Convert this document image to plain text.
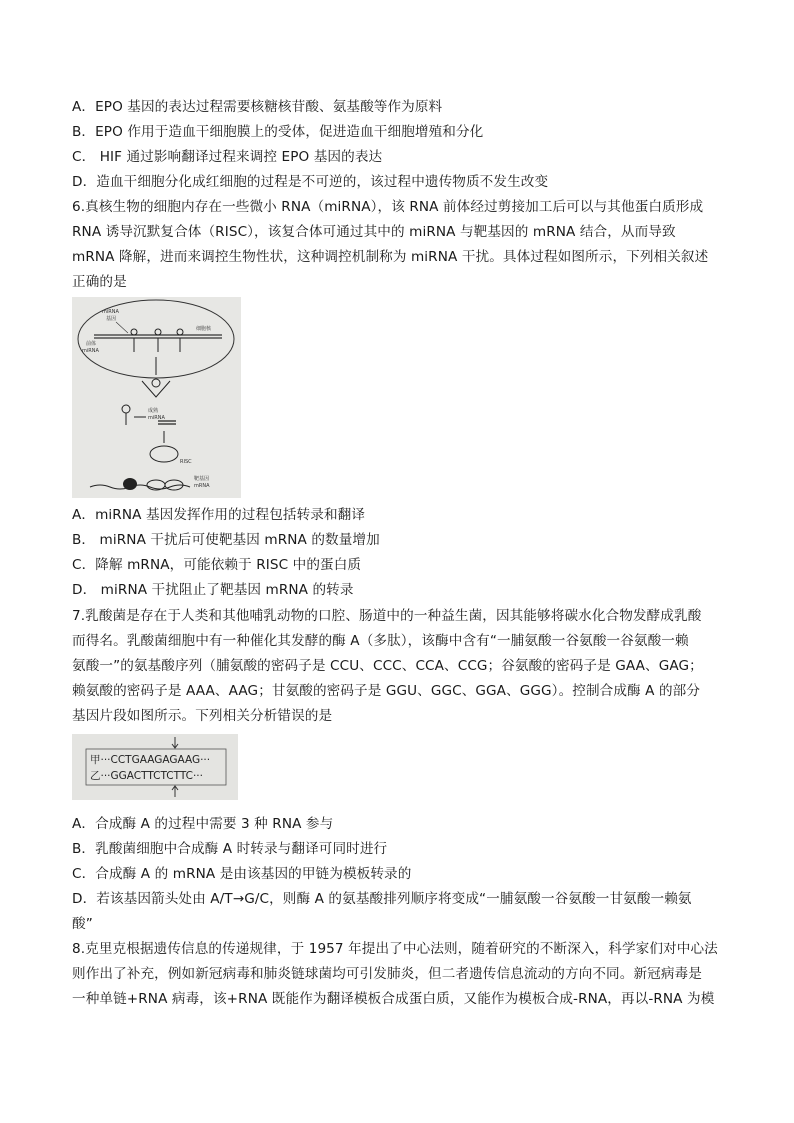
A．EPO 基因的表达过程需要核糖核苷酸、氨基酸等作为原料
B．EPO 作用于造血干细胞膜上的受体，促进造血干细胞增殖和分化
C． HIF 通过影响翻译过程来调控 EPO 基因的表达
D．造血干细胞分化成红细胞的过程是不可逆的，该过程中遗传物质不发生改变
6.真核生物的细胞内存在一些微小 RNA（miRNA），该 RNA 前体经过剪接加工后可以与其他蛋白质形成
RNA 诱导沉默复合体（RISC），该复合体可通过其中的 miRNA 与靶基因的 mRNA 结合，从而导致
mRNA 降解，进而来调控生物性状，这种调控机制称为 miRNA 干扰。具体过程如图所示，下列相关叙述
正确的是
A．miRNA 基因发挥作用的过程包括转录和翻译
B． miRNA 干扰后可使靶基因 mRNA 的数量增加
C．降解 mRNA，可能依赖于 RISC 中的蛋白质
D． miRNA 干扰阻止了靶基因 mRNA 的转录
7.乳酸菌是存在于人类和其他哺乳动物的口腔、肠道中的一种益生菌，因其能够将碳水化合物发酵成乳酸
而得名。乳酸菌细胞中有一种催化其发酵的酶 A（多肽），该酶中含有“一脯氨酸一谷氨酸一谷氨酸一赖
氨酸一”的氨基酸序列（脯氨酸的密码子是 CCU、CCC、CCA、CCG；谷氨酸的密码子是 GAA、GAG；
赖氨酸的密码子是 AAA、AAG；甘氨酸的密码子是 GGU、GGC、GGA、GGG）。控制合成酶 A 的部分
基因片段如图所示。下列相关分析错误的是
A．合成酶 A 的过程中需要 3 种 RNA 参与
B．乳酸菌细胞中合成酶 A 时转录与翻译可同时进行
C．合成酶 A 的 mRNA 是由该基因的甲链为模板转录的
D．若该基因箭头处由 A/T→G/C，则酶 A 的氨基酸排列顺序将变成“一脯氨酸一谷氨酸一甘氨酸一赖氨
酸”
8.克里克根据遗传信息的传递规律，于 1957 年提出了中心法则，随着研究的不断深入，科学家们对中心法
则作出了补充，例如新冠病毒和肺炎链球菌均可引发肺炎，但二者遗传信息流动的方向不同。新冠病毒是
一种单链+RNA 病毒，该+RNA 既能作为翻译模板合成蛋白质，又能作为模板合成-RNA，再以-RNA 为模
miRNA
基因
细胞核
前体
miRNA
成熟
miRNA
RISC
靶基因
mRNA
甲···CCTGAAGAGAAG···
乙···GGACTTCTCTTC···
